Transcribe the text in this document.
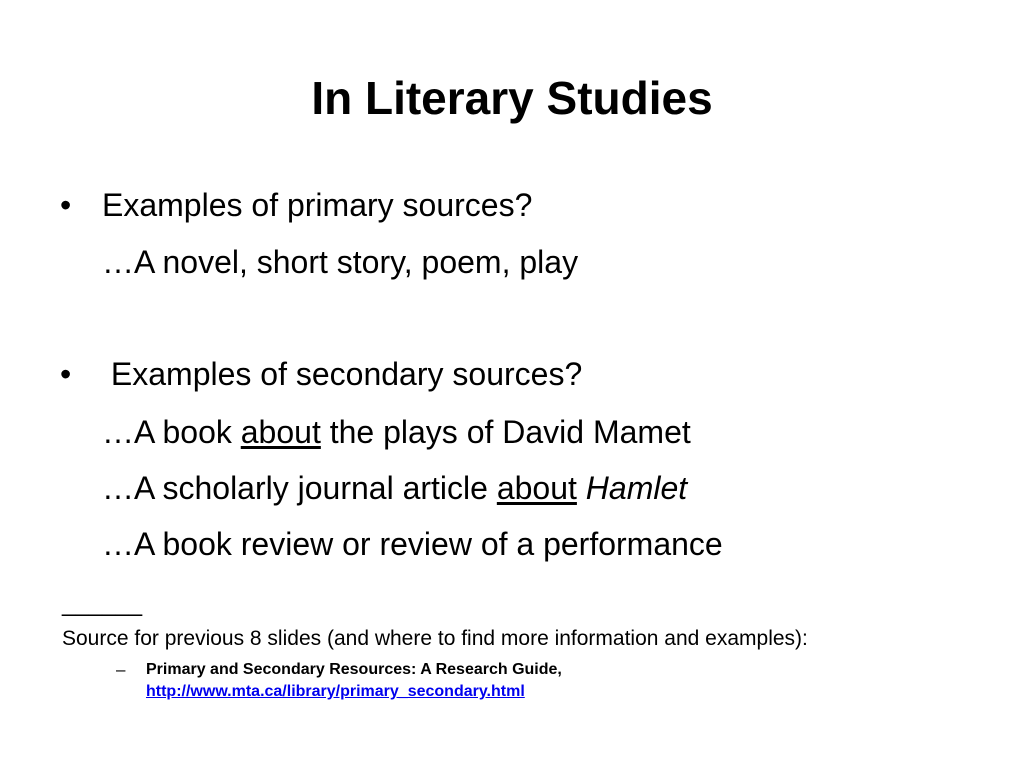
In Literary Studies
• Examples of primary sources?
…A novel, short story, poem, play
• Examples of secondary sources?
…A book about the plays of David Mamet
…A scholarly journal article about Hamlet
…A book review or review of a performance
______
Source for previous 8 slides (and where to find more information and examples):
– Primary and Secondary Resources: A Research Guide,
http://www.mta.ca/library/primary_secondary.html
